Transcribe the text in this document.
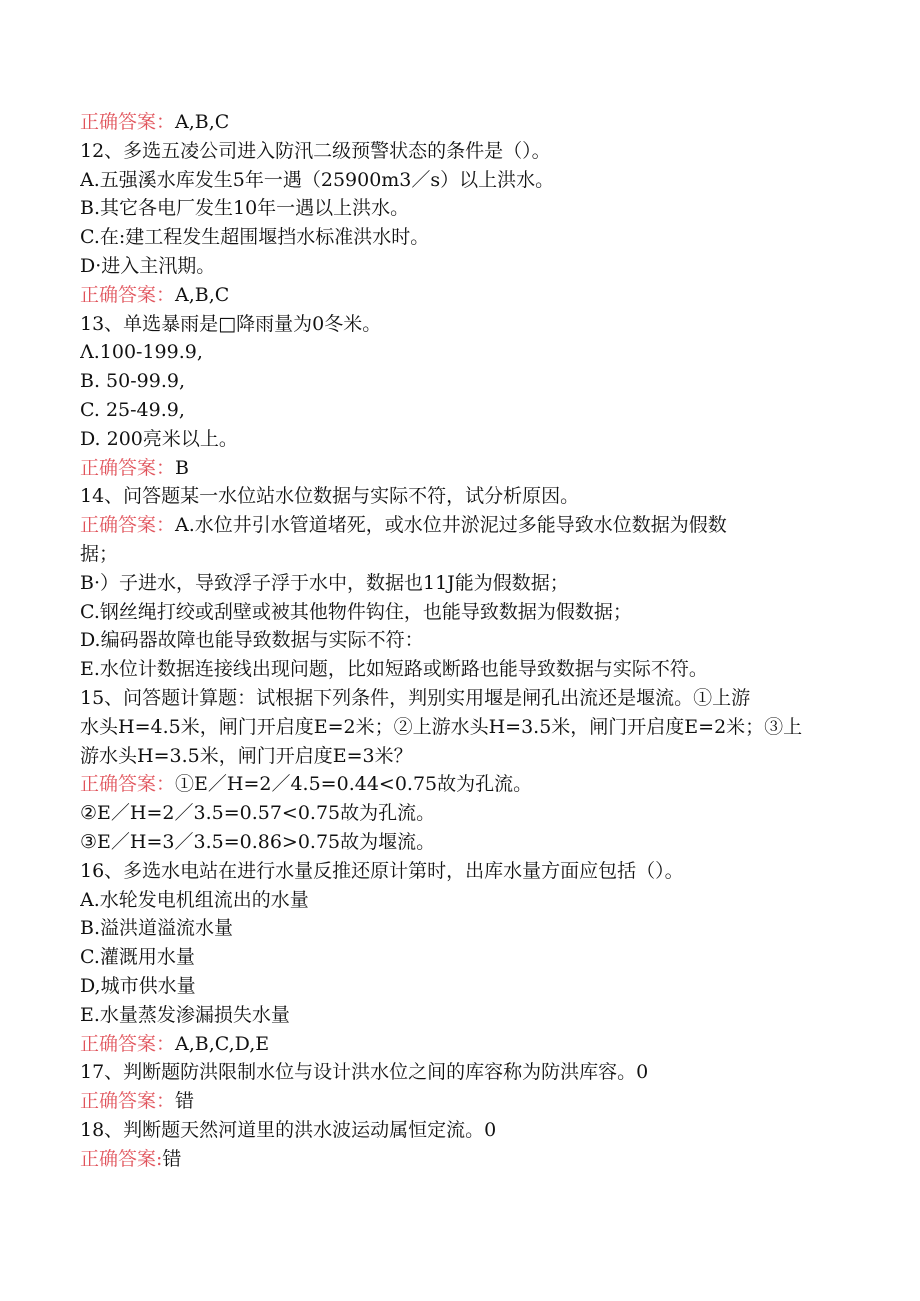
正确答案：A,B,C
12、多选五凌公司进入防汛二级预警状态的条件是（）。
A.五强溪水库发生5年一遇（25900m3／s）以上洪水。
B.其它各电厂发生10年一遇以上洪水。
C.在:建工程发生超围堰挡水标准洪水时。
D·进入主汛期。
正确答案：A,B,C
13、单选暴雨是□降雨量为0冬米。
Λ.100-199.9,
B. 50-99.9,
C. 25-49.9,
D. 200亮米以上。
正确答案：B
14、问答题某一水位站水位数据与实际不符，试分析原因。
正确答案：A.水位井引水管道堵死，或水位井淤泥过多能导致水位数据为假数
据；
B·）子进水，导致浮子浮于水中，数据也11J能为假数据；
C.钢丝绳打绞或刮壁或被其他物件钩住，也能导致数据为假数据；
D.编码器故障也能导致数据与实际不符：
E.水位计数据连接线出现问题，比如短路或断路也能导致数据与实际不符。
15、问答题计算题：试根据下列条件，判别实用堰是闸孔出流还是堰流。①上游
水头H=4.5米，闸门开启度E=2米；②上游水头H=3.5米，闸门开启度E=2米；③上
游水头H=3.5米，闸门开启度E=3米？
正确答案：①E／H=2／4.5=0.44<0.75故为孔流。
②E／H=2／3.5=0.57<0.75故为孔流。
③E／H=3／3.5=0.86>0.75故为堰流。
16、多选水电站在进行水量反推还原计第时，出库水量方面应包括（）。
A.水轮发电机组流出的水量
B.溢洪道溢流水量
C.灌溉用水量
D,城市供水量
E.水量蒸发渗漏损失水量
正确答案：A,B,C,D,E
17、判断题防洪限制水位与设计洪水位之间的库容称为防洪库容。0
正确答案：错
18、判断题天然河道里的洪水波运动属恒定流。0
正确答案:错
